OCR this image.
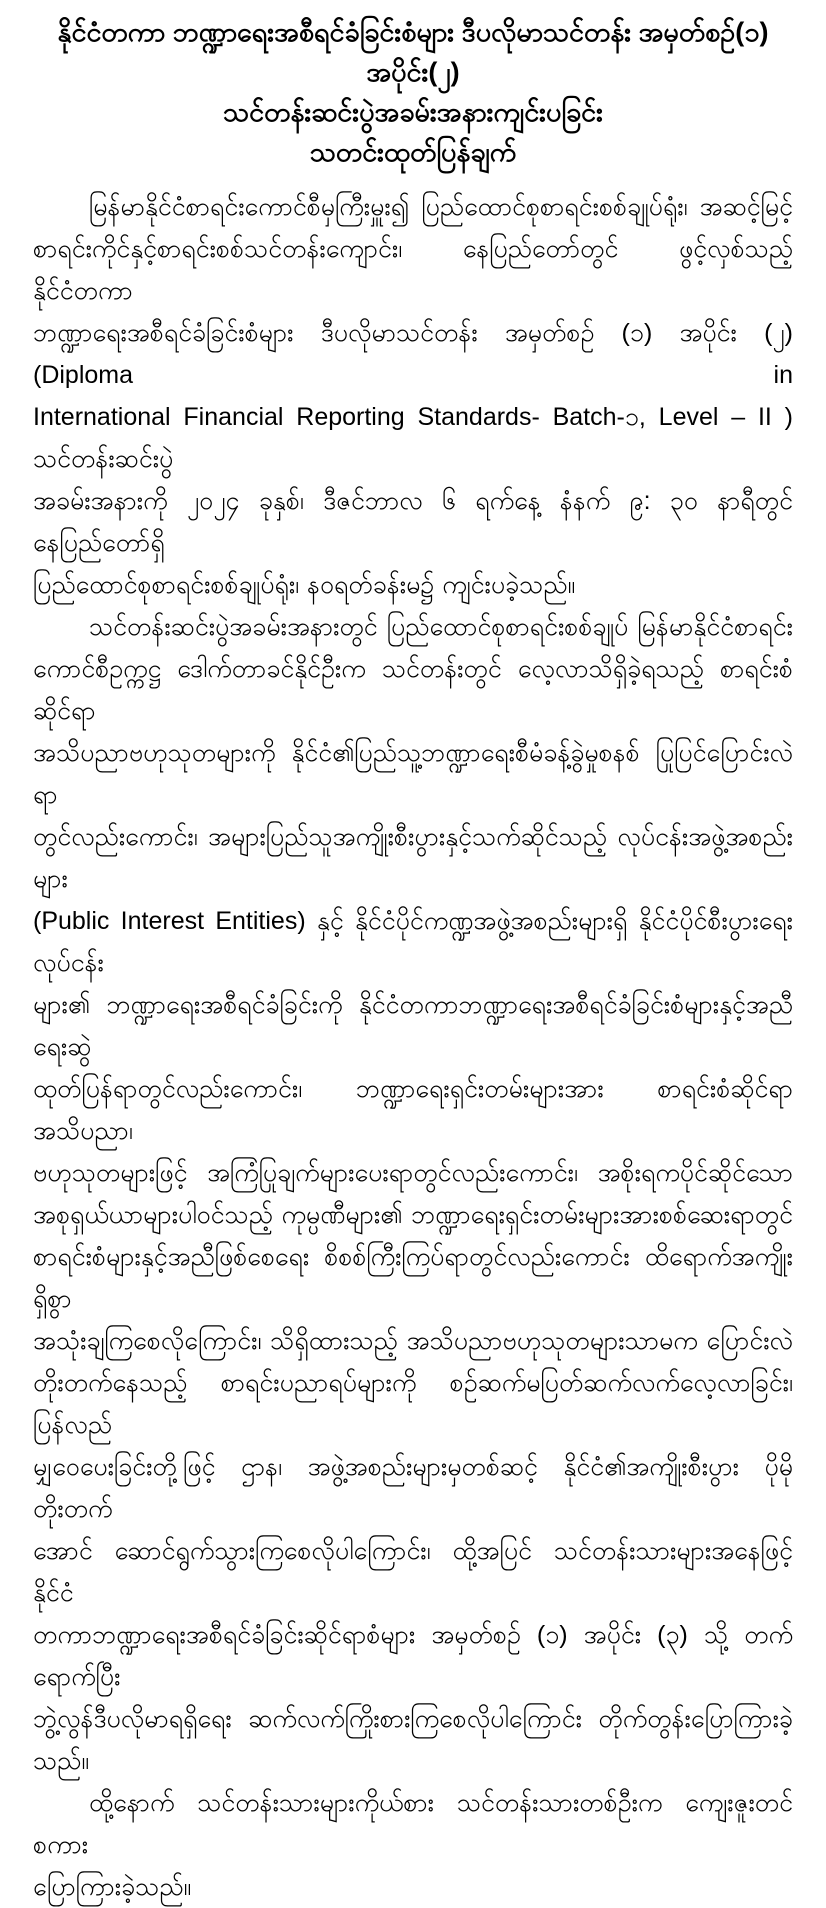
နိုင်ငံတကာ ဘဏ္ဍာရေးအစီရင်ခံခြင်းစံများ ဒီပလိုမာသင်တန်း အမှတ်စဉ်(၁) အပိုင်း(၂)
သင်တန်းဆင်းပွဲအခမ်းအနားကျင်းပခြင်း
သတင်းထုတ်ပြန်ချက်
မြန်မာနိုင်ငံစာရင်းကောင်စီမှကြီးမှူး၍ ပြည်ထောင်စုစာရင်းစစ်ချုပ်ရုံး၊ အဆင့်မြင့်
စာရင်းကိုင်နှင့်စာရင်းစစ်သင်တန်းကျောင်း၊ နေပြည်တော်တွင် ဖွင့်လှစ်သည့် နိုင်ငံတကာ
ဘဏ္ဍာရေးအစီရင်ခံခြင်းစံများ ဒီပလိုမာသင်တန်း အမှတ်စဉ် (၁) အပိုင်း (၂) (Diploma in
International Financial Reporting Standards- Batch-၁, Level – II ) သင်တန်းဆင်းပွဲ
အခမ်းအနားကို ၂၀၂၄ ခုနှစ်၊ ဒီဇင်ဘာလ ၆ ရက်နေ့ နံနက် ၉: ၃၀ နာရီတွင် နေပြည်တော်ရှိ
ပြည်ထောင်စုစာရင်းစစ်ချုပ်ရုံး၊ နဝရတ်ခန်းမ၌ ကျင်းပခဲ့သည်။
သင်တန်းဆင်းပွဲအခမ်းအနားတွင် ပြည်ထောင်စုစာရင်းစစ်ချုပ် မြန်မာနိုင်ငံစာရင်း
ကောင်စီဥက္ကဋ္ဌ ဒေါက်တာခင်နိုင်ဦးက သင်တန်းတွင် လေ့လာသိရှိခဲ့ရသည့် စာရင်းစံဆိုင်ရာ
အသိပညာဗဟုသုတများကို နိုင်ငံ၏ပြည်သူ့ဘဏ္ဍာရေးစီမံခန့်ခွဲမှုစနစ် ပြုပြင်ပြောင်းလဲရာ
တွင်လည်းကောင်း၊ အများပြည်သူအကျိုးစီးပွားနှင့်သက်ဆိုင်သည့် လုပ်ငန်းအဖွဲ့အစည်းများ
(Public Interest Entities) နှင့် နိုင်ငံပိုင်ကဏ္ဍအဖွဲ့အစည်းများရှိ နိုင်ငံပိုင်စီးပွားရေးလုပ်ငန်း
များ၏ ဘဏ္ဍာရေးအစီရင်ခံခြင်းကို နိုင်ငံတကာဘဏ္ဍာရေးအစီရင်ခံခြင်းစံများနှင့်အညီ ရေးဆွဲ
ထုတ်ပြန်ရာတွင်လည်းကောင်း၊ ဘဏ္ဍာရေးရှင်းတမ်းများအား စာရင်းစံဆိုင်ရာ အသိပညာ၊
ဗဟုသုတများဖြင့် အကြံပြုချက်များပေးရာတွင်လည်းကောင်း၊ အစိုးရကပိုင်ဆိုင်သော
အစုရှယ်ယာများပါဝင်သည့် ကုမ္ပဏီများ၏ ဘဏ္ဍာရေးရှင်းတမ်းများအားစစ်ဆေးရာတွင်
စာရင်းစံများနှင့်အညီဖြစ်စေရေး စိစစ်ကြီးကြပ်ရာတွင်လည်းကောင်း ထိရောက်အကျိုးရှိစွာ
အသုံးချကြစေလိုကြောင်း၊ သိရှိထားသည့် အသိပညာဗဟုသုတများသာမက ပြောင်းလဲ
တိုးတက်နေသည့် စာရင်းပညာရပ်များကို စဉ်ဆက်မပြတ်ဆက်လက်လေ့လာခြင်း၊ ပြန်လည်
မျှဝေပေးခြင်းတို့ဖြင့် ဌာန၊ အဖွဲ့အစည်းများမှတစ်ဆင့် နိုင်ငံ၏အကျိုးစီးပွား ပိုမိုတိုးတက်
အောင် ဆောင်ရွက်သွားကြစေလိုပါကြောင်း၊ ထို့အပြင် သင်တန်းသားများအနေဖြင့် နိုင်ငံ
တကာဘဏ္ဍာရေးအစီရင်ခံခြင်းဆိုင်ရာစံများ အမှတ်စဉ် (၁) အပိုင်း (၃) သို့ တက်ရောက်ပြီး
ဘွဲ့လွန်ဒီပလိုမာရရှိရေး ဆက်လက်ကြိုးစားကြစေလိုပါကြောင်း တိုက်တွန်းပြောကြားခဲ့
သည်။
ထို့နောက် သင်တန်းသားများကိုယ်စား သင်တန်းသားတစ်ဦးက ကျေးဇူးတင်စကား
ပြောကြားခဲ့သည်။
